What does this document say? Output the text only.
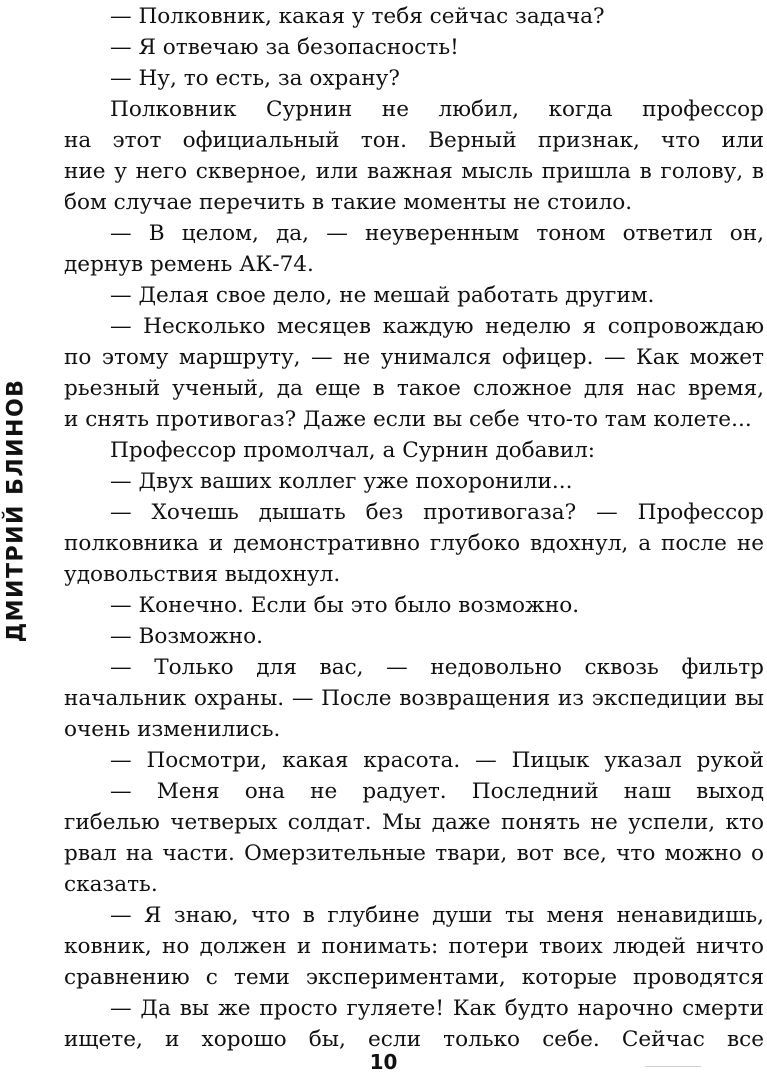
ДМИТРИЙ БЛИНОВ
— Полковник, какая у тебя сейчас задача?
— Я отвечаю за безопасность!
— Ну, то есть, за охрану?
Полковник Сурнин не любил, когда профессор
на этот официальный тон. Верный признак, что или
ние у него скверное, или важная мысль пришла в голову, в
бом случае перечить в такие моменты не стоило.
— В целом, да, — неуверенным тоном ответил он,
дернув ремень АК-74.
— Делая свое дело, не мешай работать другим.
— Несколько месяцев каждую неделю я сопровождаю
по этому маршруту, — не унимался офицер. — Как может
рьезный ученый, да еще в такое сложное для нас время,
и снять противогаз? Даже если вы себе что-то там колете...
Профессор промолчал, а Сурнин добавил:
— Двух ваших коллег уже похоронили...
— Хочешь дышать без противогаза? — Профессор
полковника и демонстративно глубоко вдохнул, а после не
удовольствия выдохнул.
— Конечно. Если бы это было возможно.
— Возможно.
— Только для вас, — недовольно сквозь фильтр
начальник охраны. — После возвращения из экспедиции вы
очень изменились.
— Посмотри, какая красота. — Пицык указал рукой
— Меня она не радует. Последний наш выход
гибелью четверых солдат. Мы даже понять не успели, кто
рвал на части. Омерзительные твари, вот все, что можно о
сказать.
— Я знаю, что в глубине души ты меня ненавидишь,
ковник, но должен и понимать: потери твоих людей ничто
сравнению с теми экспериментами, которые проводятся
— Да вы же просто гуляете! Как будто нарочно смерти
ищете, и хорошо бы, если только себе. Сейчас все
10
